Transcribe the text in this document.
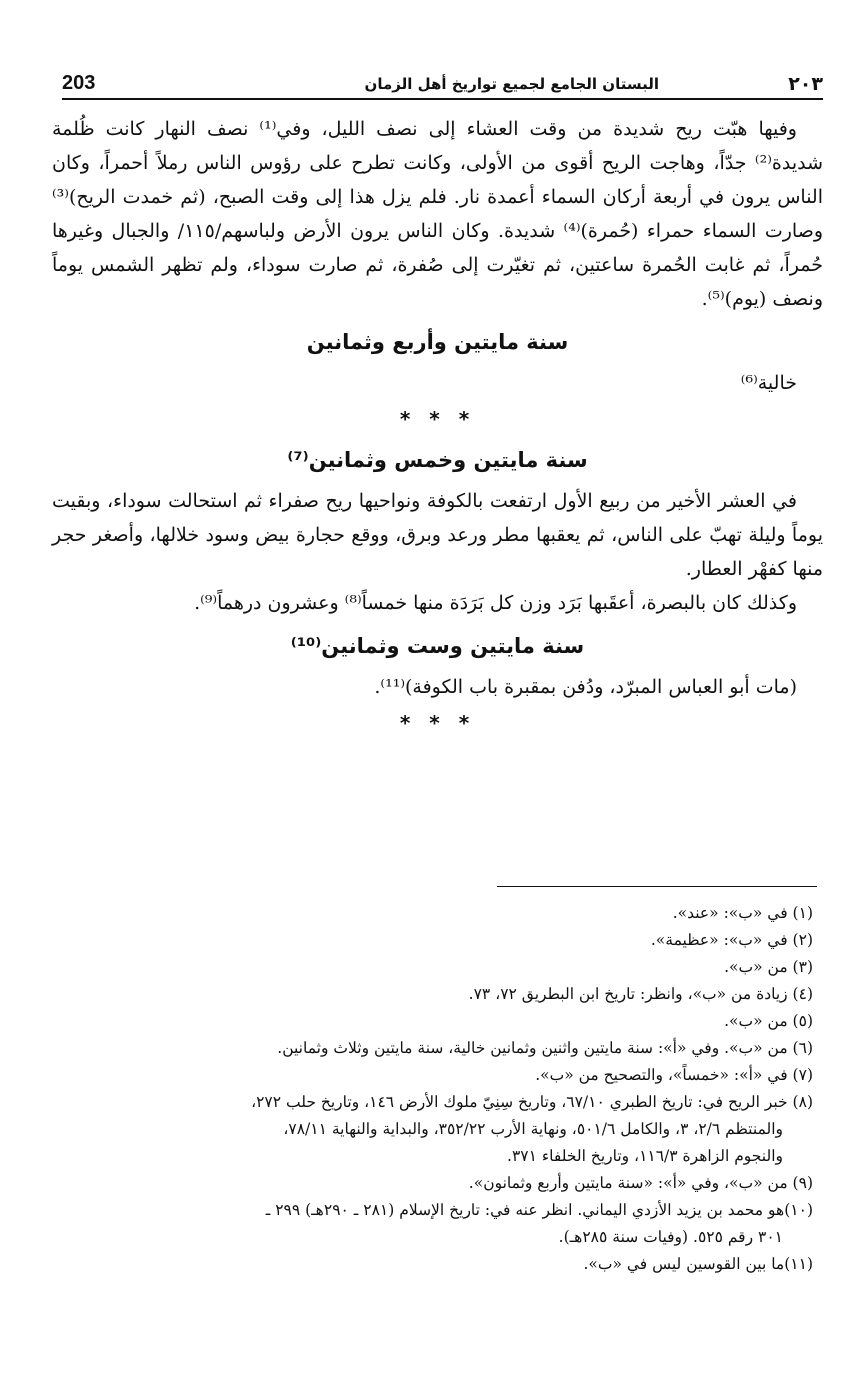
203	البستان الجامع لجميع تواريخ أهل الزمان	٢٠٣

وفيها هبّت ريح شديدة من وقت العشاء إلى نصف الليل، وفي⁽¹⁾ نصف النهار كانت ظُلمة شديدة⁽²⁾ جدّاً، وهاجت الريح أقوى من الأولى، وكانت تطرح على رؤوس الناس رملاً أحمراً، وكان الناس يرون في أربعة أركان السماء أعمدة نار. فلم يزل هذا إلى وقت الصبح، (ثم خمدت الريح)⁽³⁾ وصارت السماء حمراء (حُمرة)⁽⁴⁾ شديدة. وكان الناس يرون الأرض ولباسهم/١١٥/ والجبال وغيرها حُمراً، ثم غابت الحُمرة ساعتين، ثم تغيّرت إلى صُفرة، ثم صارت سوداء، ولم تظهر الشمس يوماً ونصف (يوم)⁽⁵⁾.

سنة مايتين وأربع وثمانين

خالية⁽⁶⁾

* * *
سنة مايتين وخمس وثمانين⁽⁷⁾

في العشر الأخير من ربيع الأول ارتفعت بالكوفة ونواحيها ريح صفراء ثم استحالت سوداء، وبقيت يوماً وليلة تهبّ على الناس، ثم يعقبها مطر ورعد وبرق، ووقع حجارة بيض وسود خلالها، وأصغر حجر منها كفهْر العطار.

وكذلك كان بالبصرة، أعقَبها بَرَد وزن كل بَرَدَة منها خمساً⁽⁸⁾ وعشرون درهماً⁽⁹⁾.

سنة مايتين وست وثمانين⁽¹⁰⁾

(مات أبو العباس المبرّد، ودُفن بمقبرة باب الكوفة)⁽¹¹⁾.

* * *

(١) في «ب»: «عند».

(٢) في «ب»: «عظيمة».

(٣) من «ب».

(٤) زيادة من «ب»، وانظر: تاريخ ابن البطريق ٧٢، ٧٣.

(٥) من «ب».

(٦) من «ب». وفي «أ»: سنة مايتين واثنين وثمانين خالية، سنة مايتين وثلاث وثمانين.

(٧) في «أ»: «خمساً»، والتصحيح من «ب».

(٨) خبر الريح في: تاريخ الطبري ٦٧/١٠، وتاريخ سِنِيّ ملوك الأرض ١٤٦، وتاريخ حلب ٢٧٢،

والمنتظم ٢/٦، ٣، والكامل ٥٠١/٦، ونهاية الأرب ٣٥٢/٢٢، والبداية والنهاية ٧٨/١١،

والنجوم الزاهرة ١١٦/٣، وتاريخ الخلفاء ٣٧١.

(٩) من «ب»، وفي «أ»: «سنة مايتين وأربع وثمانون».

(١٠)هو محمد بن يزيد الأزدي اليماني. انظر عنه في: تاريخ الإسلام (٢٨١ ـ ٢٩٠هـ) ٢٩٩ ـ

٣٠١ رقم ٥٢٥. (وفيات سنة ٢٨٥هـ).

(١١)ما بين القوسين ليس في «ب».
